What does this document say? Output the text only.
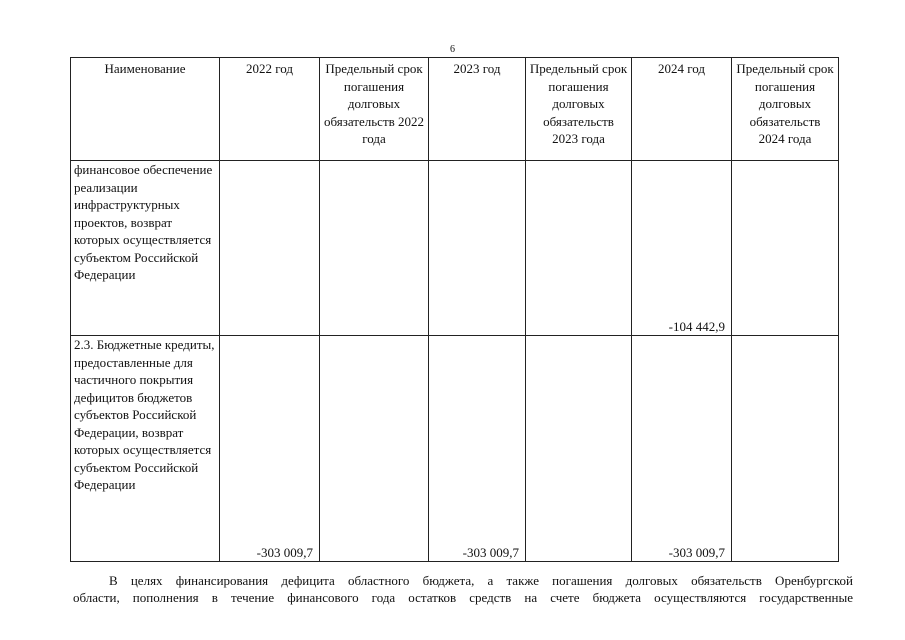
6
Наименование	2022 год	Предельный срок погашения долговых обязательств 2022 года	2023 год	Предельный срок погашения долговых обязательств 2023 года	2024 год	Предельный срок погашения долговых обязательств 2024 года
финансовое обеспечение реализации инфраструктурных проектов, возврат которых осуществляется субъектом Российской Федерации					-104 442,9	
2.3. Бюджетные кредиты, предоставленные для частичного покрытия дефицитов бюджетов субъектов Российской Федерации, возврат которых осуществляется субъектом Российской Федерации	-303 009,7		-303 009,7		-303 009,7	
В целях финансирования дефицита областного бюджета, а также погашения долговых обязательств Оренбургской
области, пополнения в течение финансового года остатков средств на счете бюджета осуществляются государственные
